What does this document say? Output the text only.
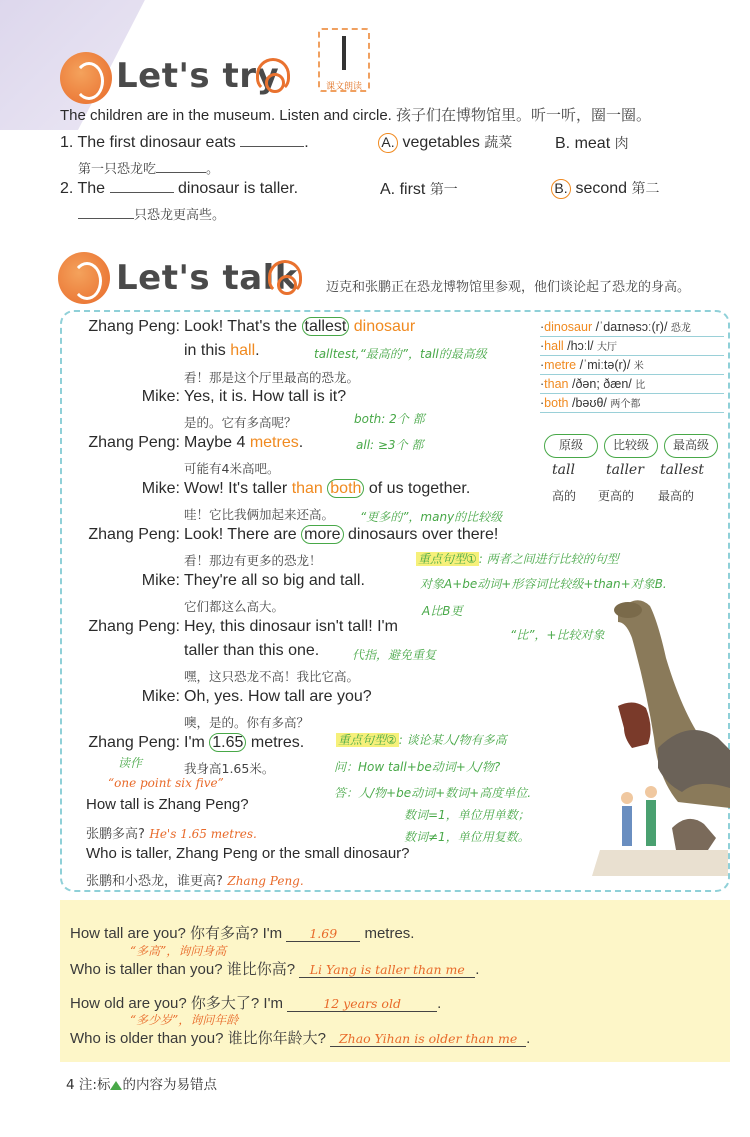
Let's try	课文朗读
The children are in the museum. Listen and circle. 孩子们在博物馆里。听一听，圈一圈。
1. The first dinosaur eats	.
第一只恐龙吃	。
A. vegetables 蔬菜	B. meat 肉
2. The	dinosaur is taller.
只恐龙更高些。
A. first 第一	B. second 第二
Let's talk 迈克和张鹏正在恐龙博物馆里参观，他们谈论起了恐龙的身高。
Zhang Peng: Look! That's the tallest dinosaur
in this hall.	talltest,“最高的”，tall的最高级
看！那是这个厅里最高的恐龙。
Mike: Yes, it is. How tall is it?
是的。它有多高呢？	both: 2个 都
all: ≥3个 都
Zhang Peng: Maybe 4 metres.
可能有4米高吧。
Mike: Wow! It's taller than both of us together.
哇！它比我俩加起来还高。 “更多的”，many的比较级
Zhang Peng: Look! There are more dinosaurs over there!
看！那边有更多的恐龙！	重点句型① : 两者之间进行比较的句型
对象A+be动词+形容词比较级+than+对象B.
A比B更
Mike: They're all so big and tall.
它们都这么高大。
Zhang Peng: Hey, this dinosaur isn't tall! I'm
taller than this one.
“比”，+比较对象
代指，避免重复
嘿，这只恐龙不高！我比它高。
Mike: Oh, yes. How tall are you?
噢，是的。你有多高？
Zhang Peng: I'm 1.65 metres.
我身高1.65米。
读作
“one point six five”
重点句型② : 谈论某人/物有多高
问：How tall+be动词+人/物?
答：人/物+be动词+数词+高度单位.
数词=1，单位用单数；
数词≠1，单位用复数。
How tall is Zhang Peng?
张鹏多高? He's 1.65 metres.
Who is taller, Zhang Peng or the small dinosaur?
张鹏和小恐龙，谁更高? Zhang Peng.
·dinosaur /ˈdaɪnəsɔː(r)/ 恐龙
·hall /hɔːl/ 大厅
·metre /ˈmiːtə(r)/ 米
·than /ðən; ðæn/ 比
·both /bəʊθ/ 两个都
原级	比较级	最高级
tall taller tallest
高的 更高的 最高的
How tall are you? 你有多高? I'm 1.69 metres.
“多高”，询问身高
Who is taller than you? 谁比你高? Li Yang is taller than me .
How old are you? 你多大了? I'm	12 years old .
“多少岁”，询问年龄
Who is older than you? 谁比你年龄大? Zhao Yihan is older than me .
4 注:标 的内容为易错点
